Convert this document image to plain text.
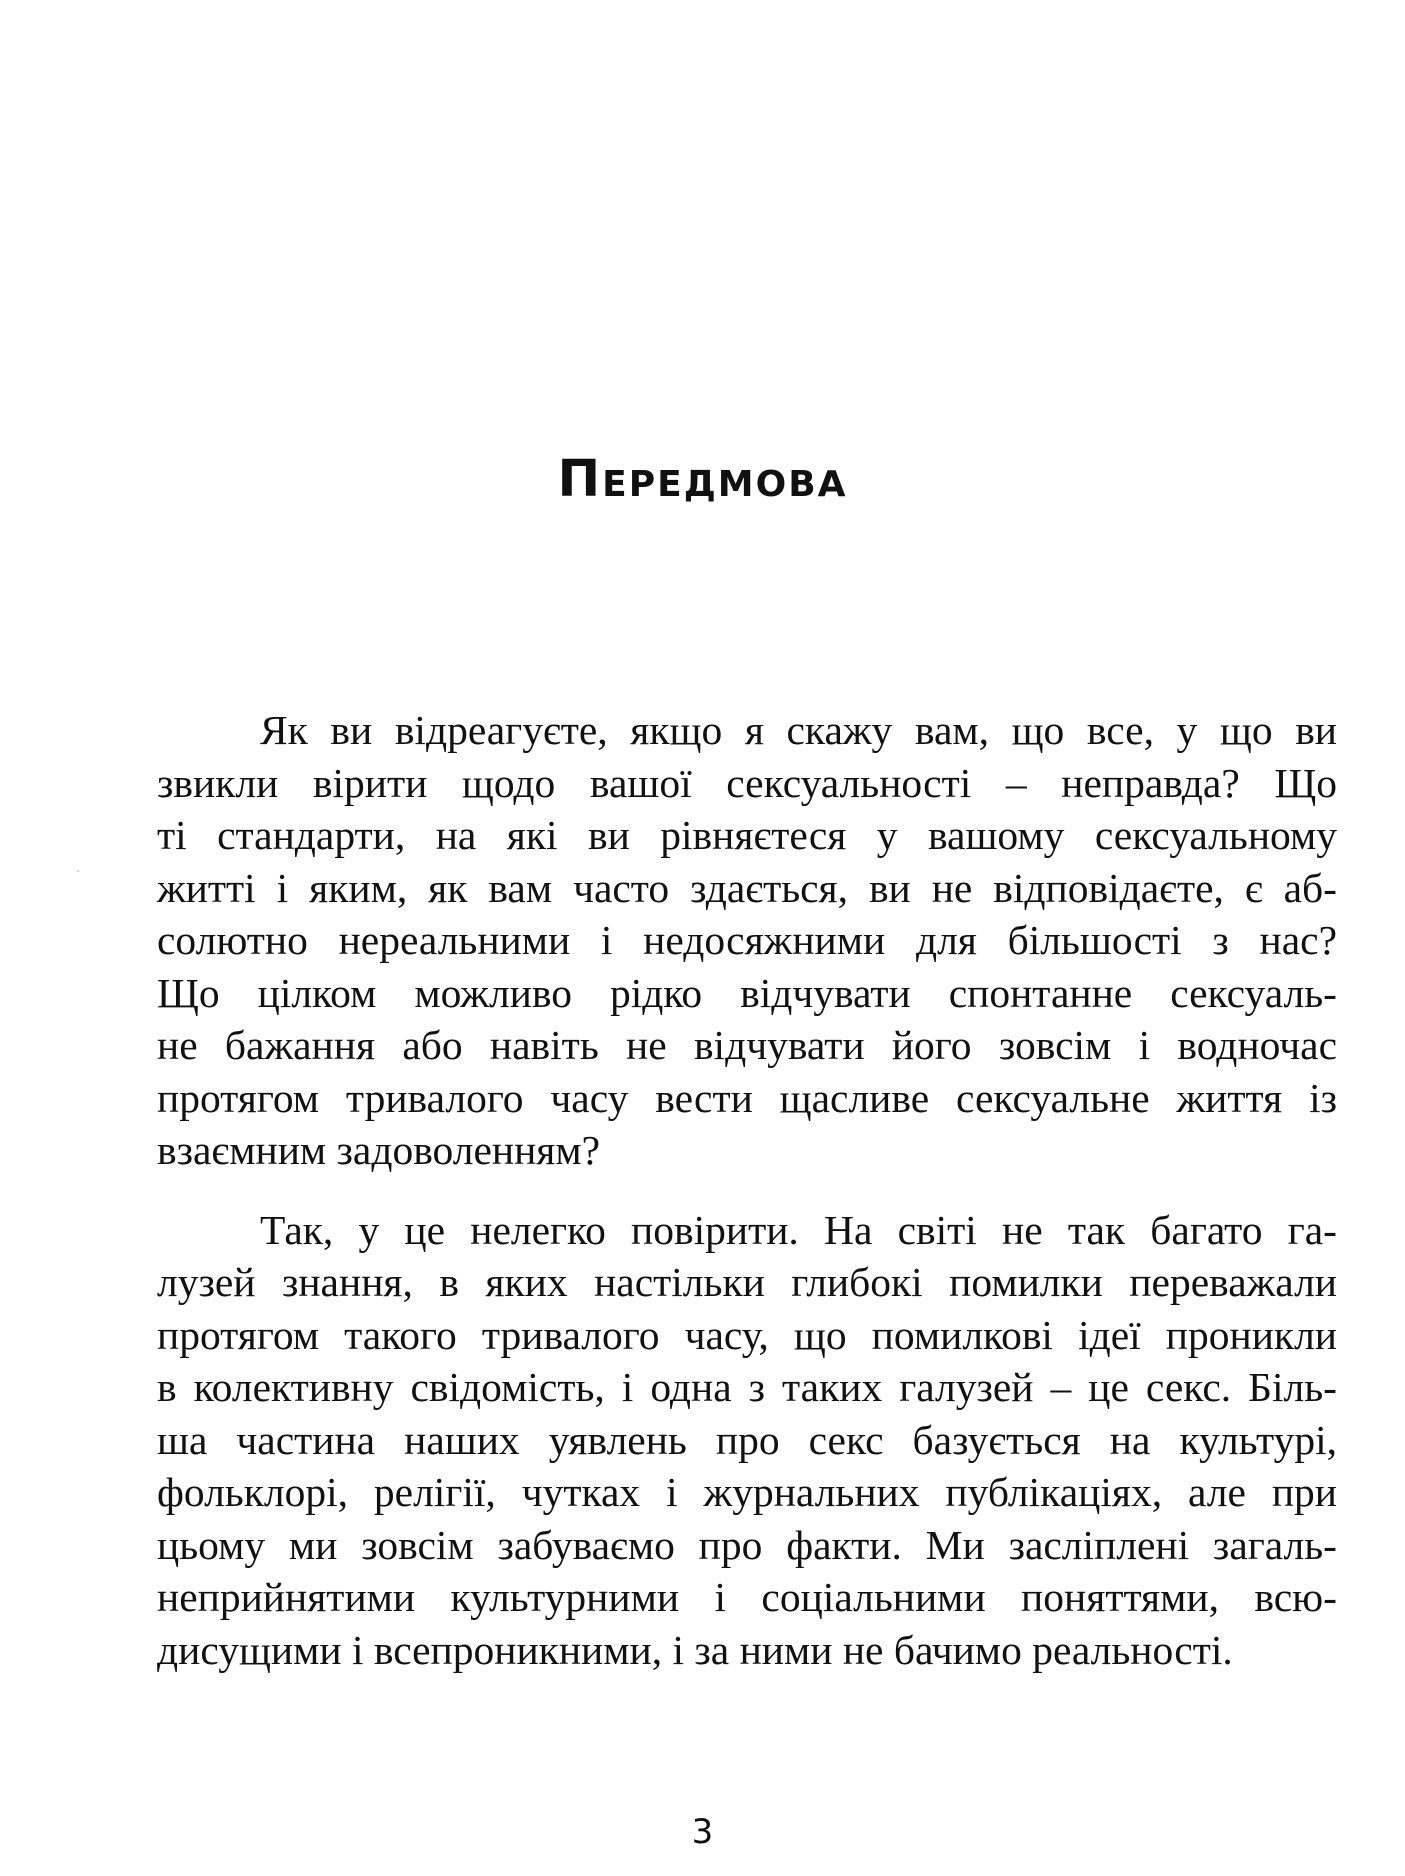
Передмова

Як ви відреагуєте, якщо я скажу вам, що все, у що ви
звикли вірити щодо вашої сексуальності – неправда? Що
ті стандарти, на які ви рівняєтеся у вашому сексуальному
житті і яким, як вам часто здається, ви не відповідаєте, є аб-
солютно нереальними і недосяжними для більшості з нас?
Що цілком можливо рідко відчувати спонтанне сексуаль-
не бажання або навіть не відчувати його зовсім і водночас
протягом тривалого часу вести щасливе сексуальне життя із
взаємним задоволенням?

Так, у це нелегко повірити. На світі не так багато га-
лузей знання, в яких настільки глибокі помилки переважали
протягом такого тривалого часу, що помилкові ідеї проникли
в колективну свідомість, і одна з таких галузей – це секс. Біль-
ша частина наших уявлень про секс базується на культурі,
фольклорі, релігії, чутках і журнальних публікаціях, але при
цьому ми зовсім забуваємо про факти. Ми засліплені загаль-
неприйнятими культурними і соціальними поняттями, всю-
дисущими і всепроникними, і за ними не бачимо реальності.

3
